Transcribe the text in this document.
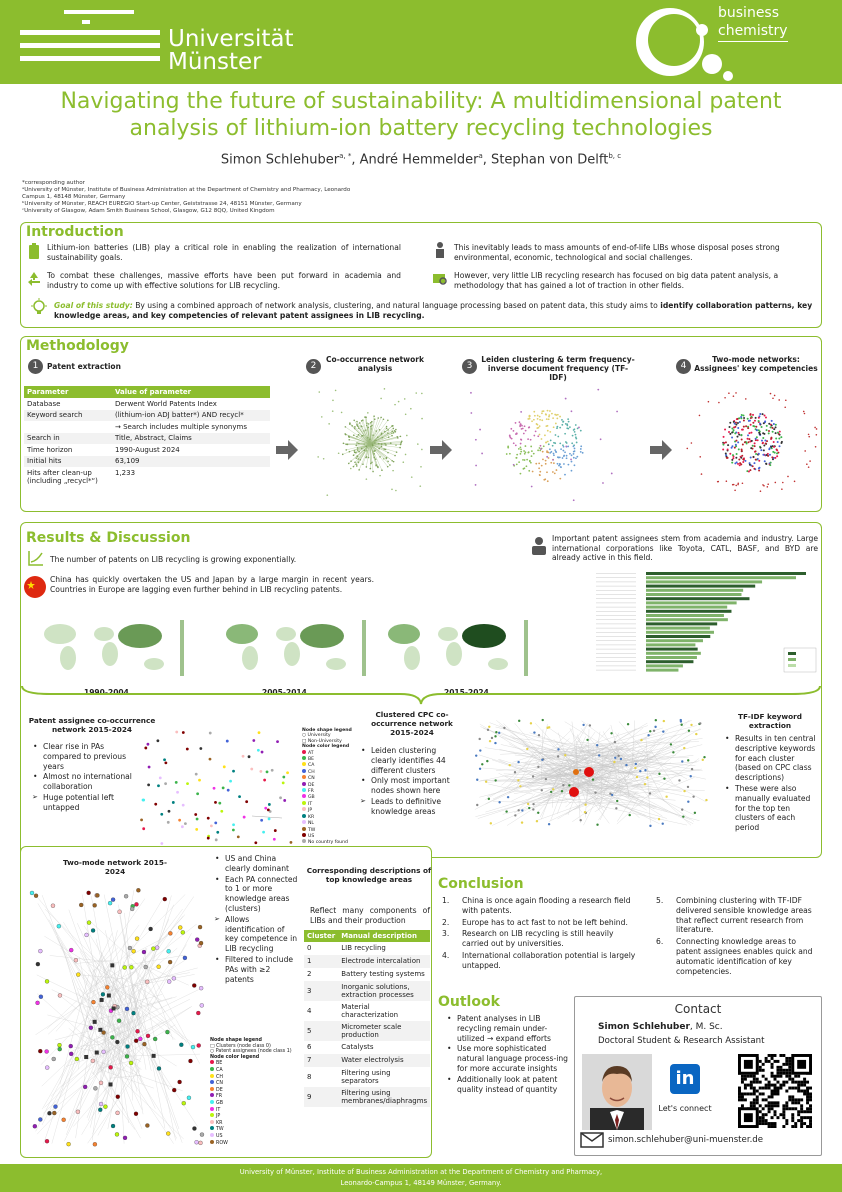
Universität
Münster
business
chemistry
Navigating the future of sustainability: A multidimensional patent
analysis of lithium-ion battery recycling technologies
Simon Schlehuber$^{a, *}$, André Hemmelder$^a$, Stephan von Delft$^{b, c}$
*corresponding author
ᵃUniversity of Münster, Institute of Business Administration at the Department of Chemistry and Pharmacy, Leonardo
Campus 1, 48148 Münster, Germany
ᵇUniversity of Münster, REACH EUREGIO Start-up Center, Geiststrasse 24, 48151 Münster, Germany
ᶜUniversity of Glasgow, Adam Smith Business School, Glasgow, G12 8QQ, United Kingdom
Introduction
Lithium-ion batteries (LIB) play a critical role in enabling the realization of international sustainability goals.
To combat these challenges, massive efforts have been put forward in academia and industry to come up with effective solutions for LIB recycling.
This inevitably leads to mass amounts of end-of-life LIBs whose disposal poses strong environmental, economic, technological and social challenges.
However, very little LIB recycling research has focused on big data patent analysis, a methodology that has gained a lot of traction in other fields.
Goal of this study: By using a combined approach of network analysis, clustering, and natural language processing based on patent data, this study aims to identify collaboration patterns, key knowledge areas, and key competencies of relevant patent assignees in LIB recycling.
Methodology
1	Patent extraction
Parameter	Value of parameter
Database	Derwent World Patents Index
Keyword search	(lithium-ion ADJ batter*) AND recycl*
	→ Search includes multiple synonyms
Search in	Title, Abstract, Claims
Time horizon	1990-August 2024
Initial hits	63,109
Hits after clean-up (including „recycl*“)	1,233
2
Co-occurrence network analysis	3
Leiden clustering & term frequency-inverse document frequency (TF-IDF)
4
Two-mode networks: Assignees' key competencies
Results & Discussion
The number of patents on LIB recycling is growing exponentially.
China has quickly overtaken the US and Japan by a large margin in recent years. Countries in Europe are lagging even further behind in LIB recycling patents.
Important patent assignees stem from academia and industry. Large international corporations like Toyota, CATL, BASF, and BYD are already active in this field.
1990-2004	2005-2014	2015-2024
Patent assignee co-occurrence network 2015-2024
• Clear rise in PAs compared to previous years
• Almost no international collaboration
➢ Huge potential left untapped
Node shape legend
○ University
□ Non-University
Node color legend
AT
BE
CA
CH
CN
DE
FR
GB
IT
JP
KR
NL
TW
US
No country found
Clustered CPC co-occurrence network 2015-2024
• Leiden clustering clearly identifies 44 different clusters
• Only most important nodes shown here
➢ Leads to definitive knowledge areas
TF-IDF keyword extraction
• Results in ten central descriptive keywords for each cluster (based on CPC class descriptions)
• These were also manually evaluated for the top ten clusters of each period
Two-mode network 2015-2024
• US and China clearly dominant
• Each PA connected to 1 or more knowledge areas (clusters)
➢ Allows identification of key competence in LIB recycling
• Filtered to include PAs with ≥2 patents
Node shape legend
□ Clusters (node class 0)
○ Patent assignees (node class 1)
Node color legend
BE
CA
CH
CN
DE
FR
GB
IT
JP
KR
TW
US
ROW
Corresponding descriptions of top knowledge areas
Reflect many components of LIBs and their production
Cluster	Manual description
0	LIB recycling
1	Electrode intercalation
2	Battery testing systems
3	Inorganic solutions, extraction processes
4	Material characterization
5	Micrometer scale production
6	Catalysts
7	Water electrolysis
8	Filtering using separators
9	Filtering using membranes/diaphragms
Conclusion
1. China is once again flooding a research field with patents.
2. Europe has to act fast to not be left behind.
3. Research on LIB recycling is still heavily carried out by universities.
4. International collaboration potential is largely untapped.
5. Combining clustering with TF-IDF delivered sensible knowledge areas that reflect current research from literature.
6. Connecting knowledge areas to patent assignees enables quick and automatic identification of key competencies.
Outlook
• Patent analyses in LIB recycling remain under-utilized → expand efforts
• Use more sophisticated natural language process-ing for more accurate insights
• Additionally look at patent quality instead of quantity
Contact
Simon Schlehuber, M. Sc.
Doctoral Student & Research Assistant
in
Let's connect
simon.schlehuber@uni-muenster.de
University of Münster, Institute of Business Administration at the Department of Chemistry and Pharmacy,
Leonardo-Campus 1, 48149 Münster, Germany.
